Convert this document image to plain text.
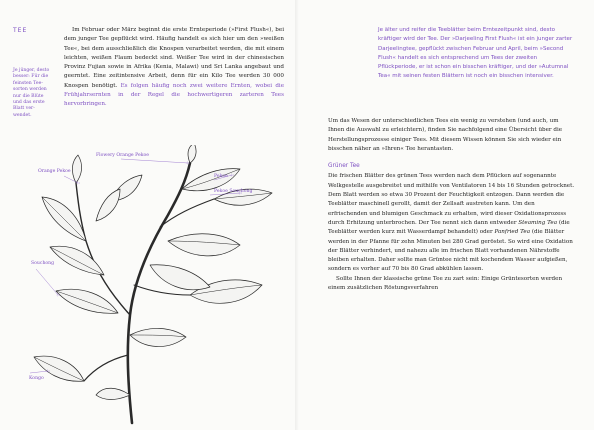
TEE
Je jünger, desto
besser: Für die
feinsten Tee-
sorten werden
nur die Blüte
und das erste
Blatt ver-
wendet.

Im Februar oder März beginnt die erste Ernteperiode (»First Flush«), bei dem junger Tee gepflückt wird. Häufig handelt es sich hier um den »weißen Tee«, bei dem ausschließlich die Knospen verarbeitet werden, die mit einem leichten, weißen Flaum bedeckt sind. Weißer Tee wird in der chinesischen Provinz Fujian sowie in Afrika (Kenia, Malawi) und Sri Lanka angebaut und geerntet. Eine zeitintensive Arbeit, denn für ein Kilo Tee werden 30 000 Knospen benötigt. Es folgen häufig noch zwei weitere Ernten, wobei die Frühjahrsernten in der Regel die hochwertigeren zarteren Tees hervorbringen.

Orange Pekoe
Flowery Orange Pekoe
Pekoe
Pekoe Souchong
Souchong
Kongo
Je älter und reifer die Teeblätter beim Erntezeitpunkt sind, desto kräftiger wird der Tee. Der »Darjeeling First Flush« ist ein junger zarter Darjeelingtee, gepflückt zwischen Februar und April, beim »Second Flush« handelt es sich entsprechend um Tees der zweiten Pflückperiode, er ist schon ein bisschen kräftiger, und der »Autumnal Tea« mit seinen festen Blättern ist noch ein bisschen intensiver.

Um das Wesen der unterschiedlichen Tees ein wenig zu verstehen (und auch, um Ihnen die Auswahl zu erleichtern), finden Sie nachfolgend eine Übersicht über die Herstellungsprozesse einiger Tees. Mit diesem Wissen können Sie sich wieder ein bisschen näher an »Ihren« Tee herantasten.

Grüner Tee

Die frischen Blätter des grünen Tees werden nach dem Pflücken auf sogenannte Welkgestelle ausgebreitet und mithilfe von Ventilatoren 14 bis 16 Stunden getrocknet. Dem Blatt werden so etwa 30 Prozent der Feuchtigkeit entzogen. Dann werden die Teeblätter maschinell gerollt, damit der Zellsaft austreten kann. Um den erfrischenden und blumigen Geschmack zu erhalten, wird dieser Oxidationsprozess durch Erhitzung unterbrochen. Der Tee nennt sich dann entweder Steaming Tea (die Teeblätter werden kurz mit Wasserdampf behandelt) oder Panfried Tea (die Blätter werden in der Pfanne für zehn Minuten bei 280 Grad geröstet. So wird eine Oxidation der Blätter verhindert, und nahezu alle im frischen Blatt vorhandenen Nährstoffe bleiben erhalten. Daher sollte man Grüntee nicht mit kochendem Wasser aufgießen, sondern es vorher auf 70 bis 80 Grad abkühlen lassen.

Sollte Ihnen der klassische grüne Tee zu zart sein: Einige Grüntesorten werden einem zusätzlichen Röstungsverfahren
